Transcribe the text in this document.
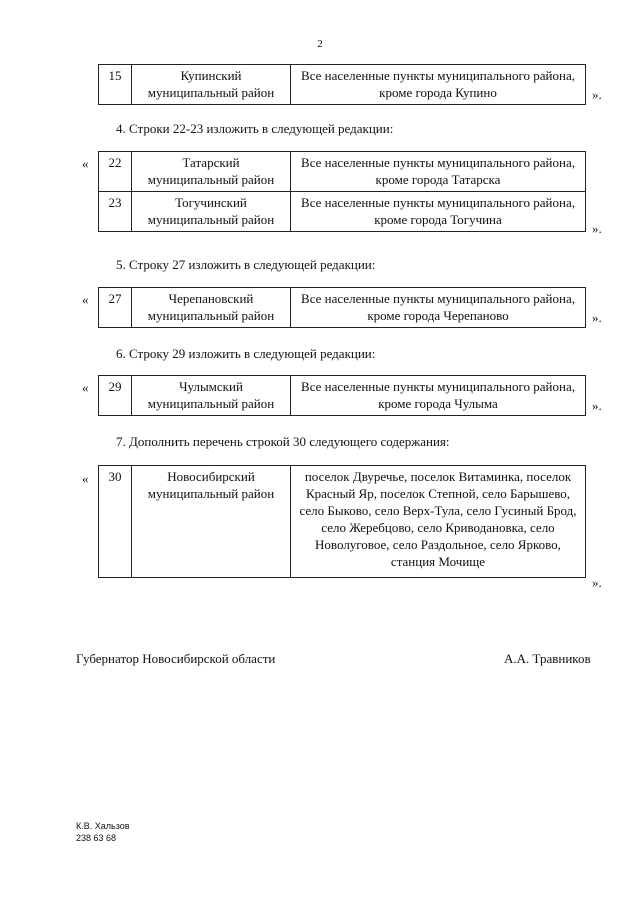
2
15	Купинский муниципальный район	Все населенные пункты муниципального района, кроме города Купино	».
4. Строки 22-23 изложить в следующей редакции:
« 22	Татарский муниципальный район	Все населенные пункты муниципального района, кроме города Татарска
23	Тогучинский муниципальный район	Все населенные пункты муниципального района, кроме города Тогучина
».
5. Строку 27 изложить в следующей редакции:
« 27	Черепановский муниципальный район	Все населенные пункты муниципального района, кроме города Черепаново	».
6. Строку 29 изложить в следующей редакции:
« 29	Чулымский муниципальный район	Все населенные пункты муниципального района, кроме города Чулыма	».
7. Дополнить перечень строкой 30 следующего содержания:
« 30	Новосибирский муниципальный район	поселок Двуречье, поселок Витаминка, поселок Красный Яр, поселок Степной, село Барышево, село Быково, село Верх-Тула, село Гусиный Брод, село Жеребцово, село Криводановка, село Новолуговое, село Раздольное, село Ярково, станция Мочище
».
Губернатор Новосибирской области	А.А. Травников
К.В. Хальзов
238 63 68
